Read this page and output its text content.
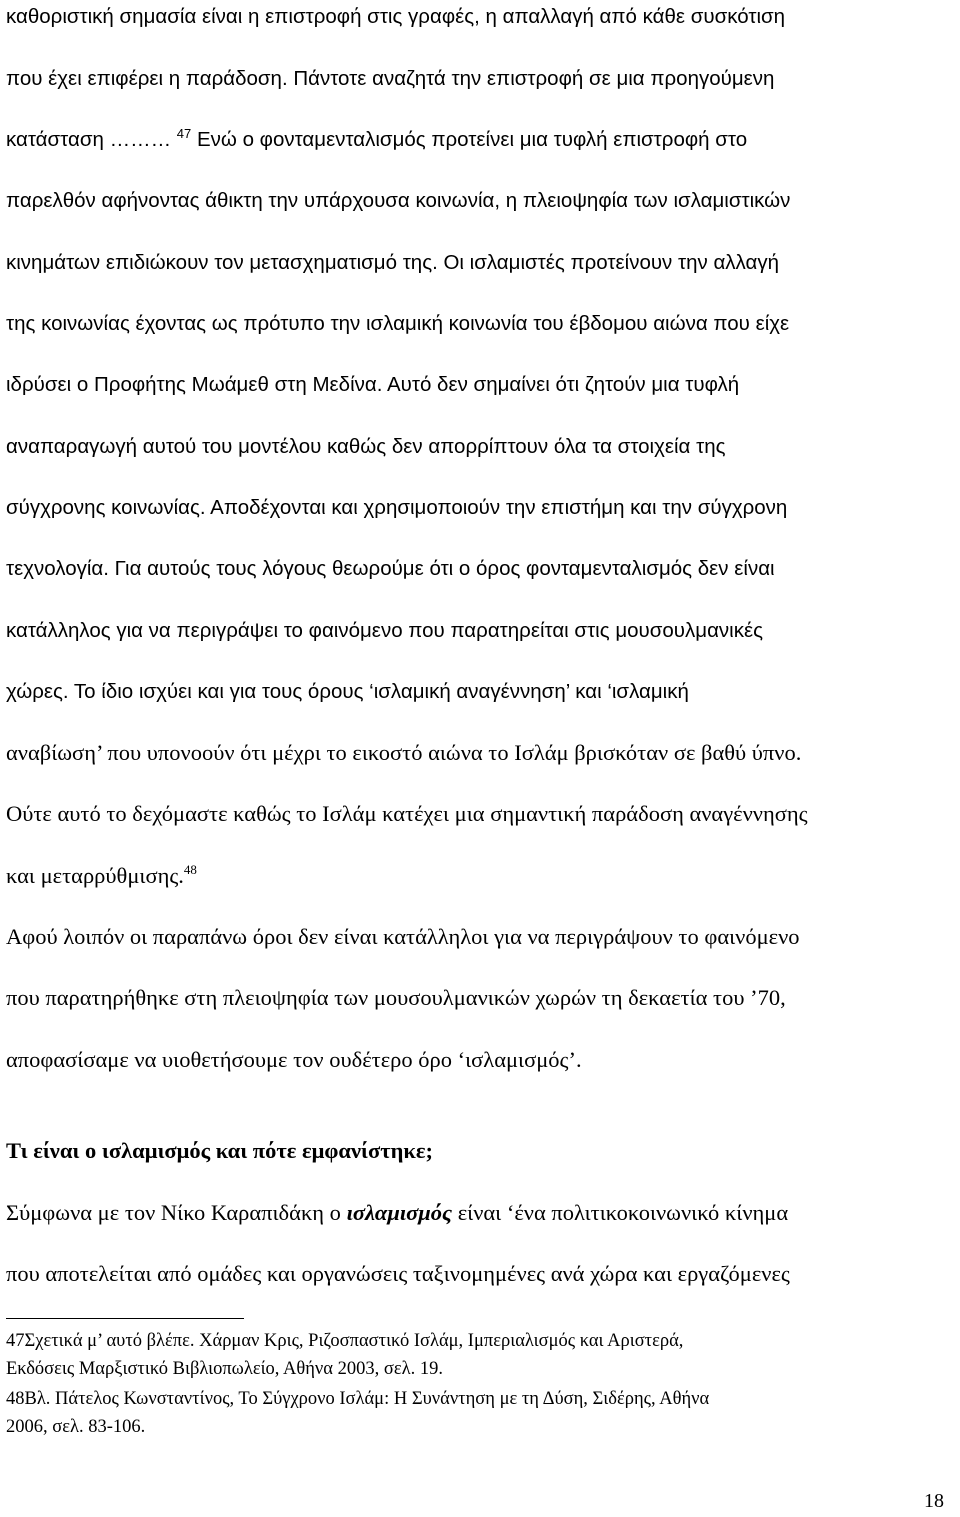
καθοριστική σημασία είναι η επιστροφή στις γραφές, η απαλλαγή από κάθε συσκότιση
που έχει επιφέρει η παράδοση. Πάντοτε αναζητά την επιστροφή σε μια προηγούμενη
κατάσταση ……… $^{47}$ Ενώ ο φονταμενταλισμός προτείνει μια τυφλή επιστροφή στο
παρελθόν αφήνοντας άθικτη την υπάρχουσα κοινωνία, η πλειοψηφία των ισλαμιστικών
κινημάτων επιδιώκουν τον μετασχηματισμό της. Οι ισλαμιστές προτείνουν την αλλαγή
της κοινωνίας έχοντας ως πρότυπο την ισλαμική κοινωνία του έβδομου αιώνα που είχε
ιδρύσει ο Προφήτης Μωάμεθ στη Μεδίνα. Αυτό δεν σημαίνει ότι ζητούν μια τυφλή
αναπαραγωγή αυτού του μοντέλου καθώς δεν απορρίπτουν όλα τα στοιχεία της
σύγχρονης κοινωνίας. Αποδέχονται και χρησιμοποιούν την επιστήμη και την σύγχρονη
τεχνολογία. Για αυτούς τους λόγους θεωρούμε ότι ο όρος φονταμενταλισμός δεν είναι
κατάλληλος για να περιγράψει το φαινόμενο που παρατηρείται στις μουσουλμανικές
χώρες. Το ίδιο ισχύει και για τους όρους ‘ισλαμική αναγέννηση’ και ‘ισλαμική
αναβίωση’ που υπονοούν ότι μέχρι το εικοστό αιώνα το Ισλάμ βρισκόταν σε βαθύ ύπνο.
Ούτε αυτό το δεχόμαστε καθώς το Ισλάμ κατέχει μια σημαντική παράδοση αναγέννησης
και μεταρρύθμισης.$^{48}$
Αφού λοιπόν οι παραπάνω όροι δεν είναι κατάλληλοι για να περιγράψουν το φαινόμενο
που παρατηρήθηκε στη πλειοψηφία των μουσουλμανικών χωρών τη δεκαετία του ’70,
αποφασίσαμε να υιοθετήσουμε τον ουδέτερο όρο ‘ισλαμισμός’.
Τι είναι ο ισλαμισμός και πότε εμφανίστηκε;
Σύμφωνα με τον Νίκο Καραπιδάκη ο ισλαμισμός είναι ‘ένα πολιτικοκοινωνικό κίνημα
που αποτελείται από ομάδες και οργανώσεις ταξινομημένες ανά χώρα και εργαζόμενες
47Σχετικά μ’ αυτό βλέπε. Χάρμαν Κρις, Ριζοσπαστικό Ισλάμ, Ιμπεριαλισμός και Αριστερά,
Εκδόσεις Μαρξιστικό Βιβλιοπωλείο, Αθήνα 2003, σελ. 19.
48Βλ. Πάτελος Κωνσταντίνος, Το Σύγχρονο Ισλάμ: Η Συνάντηση με τη Δύση, Σιδέρης, Αθήνα
2006, σελ. 83-106.
18
